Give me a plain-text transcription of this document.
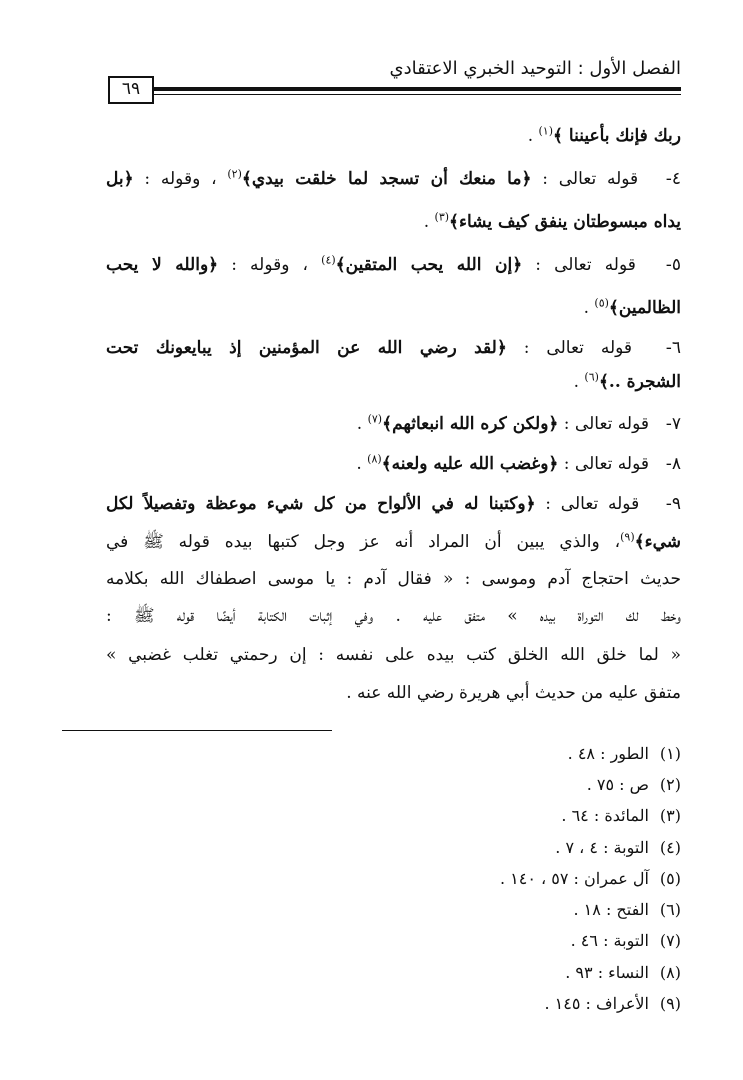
الفصل الأول : التوحيد الخبري الاعتقادي
٦٩
ربك فإنك بأعيننا ﴾$^{(١)}$ .
٤- قوله تعالى : ﴿ما منعك أن تسجد لما خلقت بيدي﴾$^{(٢)}$ ، وقوله : ﴿بل
يداه مبسوطتان ينفق كيف يشاء﴾$^{(٣)}$ .
٥- قوله تعالى : ﴿إن الله يحب المتقين﴾$^{(٤)}$ ، وقوله : ﴿والله لا يحب
الظالمين﴾$^{(٥)}$ .
٦- قوله تعالى : ﴿لقد رضي الله عن المؤمنين إذ يبايعونك تحت
الشجرة ..﴾$^{(٦)}$ .
٧-قوله تعالى : ﴿ولكن كره الله انبعاثهم﴾$^{(٧)}$ .
٨-قوله تعالى : ﴿وغضب الله عليه ولعنه﴾$^{(٨)}$ .
٩- قوله تعالى : ﴿وكتبنا له في الألواح من كل شيء موعظة وتفصيلاً لكل
شيء﴾$^{(٩)}$، والذي يبين أن المراد أنه عز وجل كتبها بيده قوله ﷺ في
حديث احتجاج آدم وموسى : « فقال آدم : يا موسى اصطفاك الله بكلامه
وخط لك التوراة بيده » متفق عليه . وفي إثبات الكتابة أيضًا قوله ﷺ :
« لما خلق الله الخلق كتب بيده على نفسه : إن رحمتي تغلب غضبي »
متفق عليه من حديث أبي هريرة رضي الله عنه .
(١)الطور : ٤٨ .
(٢)ص : ٧٥ .
(٣)المائدة : ٦٤ .
(٤)التوبة : ٤ ، ٧ .
(٥)آل عمران : ٥٧ ، ١٤٠ .
(٦)الفتح : ١٨ .
(٧)التوبة : ٤٦ .
(٨)النساء : ٩٣ .
(٩)الأعراف : ١٤٥ .
